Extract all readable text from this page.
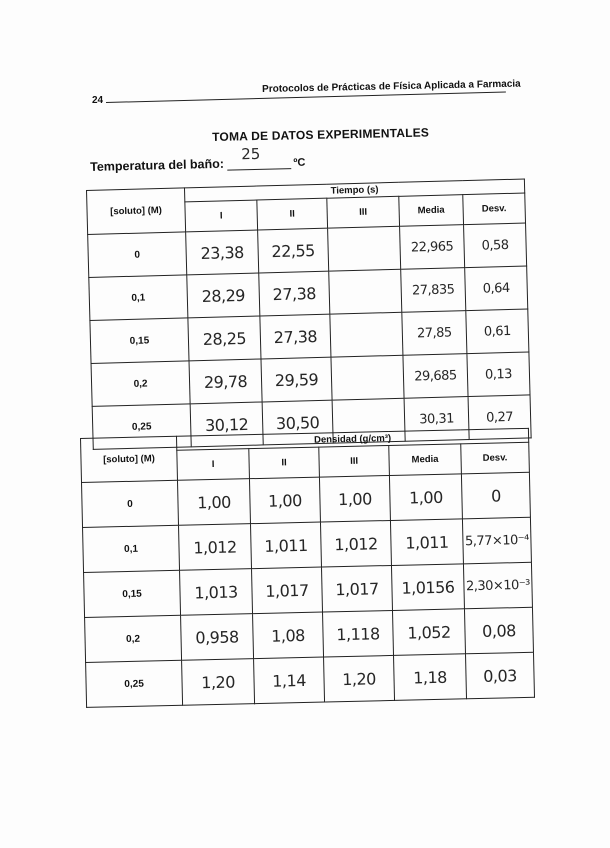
Protocolos de Prácticas de Física Aplicada a Farmacia
24
TOMA DE DATOS EXPERIMENTALES
Temperatura del baño:
25	ºC
[soluto] (M)	Tiempo (s)				
	I	II	III	Media	Desv.
0	23,38	22,55		22,965	0,58
0,1	28,29	27,38		27,835	0,64
0,15	28,25	27,38		27,85	0,61
0,2	29,78	29,59		29,685	0,13
0,25	30,12	30,50		30,31	0,27
[soluto] (M)	Densidad (g/cm³)				
	I	II	III	Media	Desv.
0	1,00	1,00	1,00	1,00	0
0,1	1,012	1,011	1,012	1,011	5,77×10⁻⁴
0,15	1,013	1,017	1,017	1,0156	2,30×10⁻³
0,2	0,958	1,08	1,118	1,052	0,08
0,25	1,20	1,14	1,20	1,18	0,03
